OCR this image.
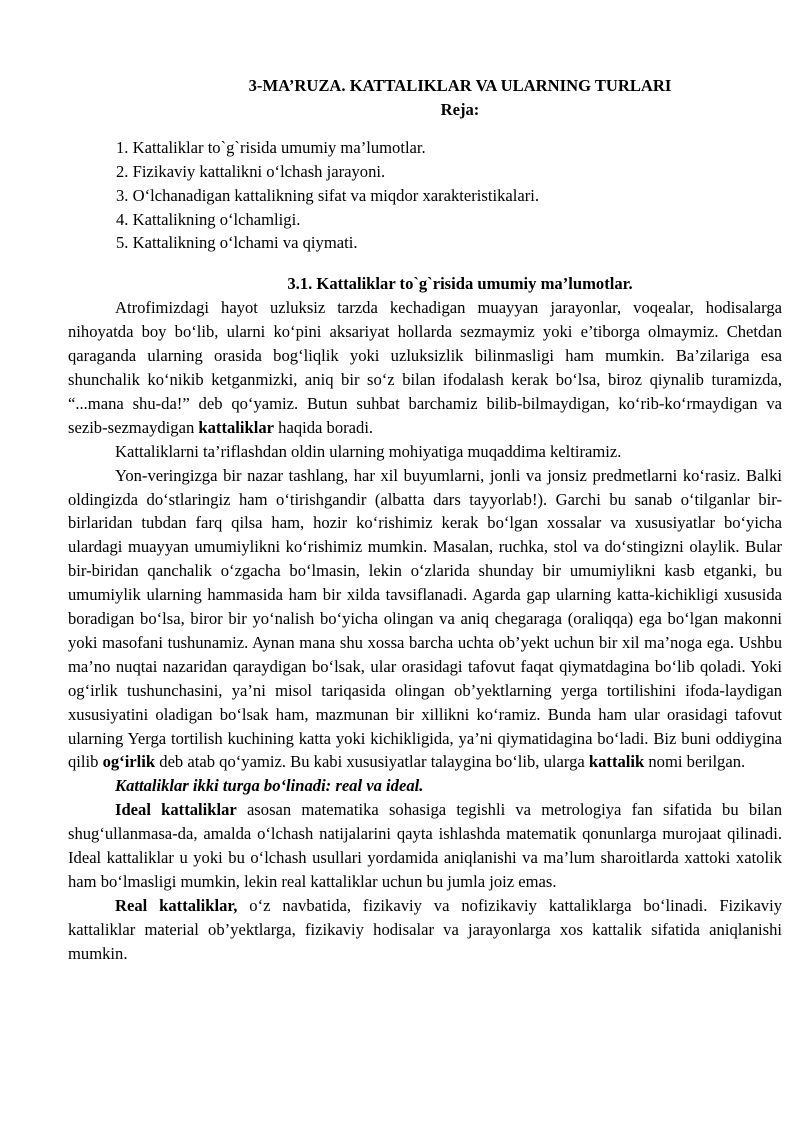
3-MA’RUZA. KATTALIKLAR VA ULARNING TURLARI
Reja:
1. Kattaliklar to`g`risida umumiy ma’lumotlar.
2. Fizikaviy kattalikni o‘lchash jarayoni.
3. O‘lchanadigan kattalikning sifat va miqdor xarakteristikalari.
4. Kattalikning o‘lchamligi.
5. Kattalikning o‘lchami va qiymati.
3.1. Kattaliklar to`g`risida umumiy ma’lumotlar.

Atrofimizdagi hayot uzluksiz tarzda kechadigan muayyan jarayonlar, voqealar, hodisalarga nihoyatda boy bo‘lib, ularni ko‘pini aksariyat hollarda sezmaymiz yoki e’tiborga olmaymiz. Chetdan qaraganda ularning orasida bog‘liqlik yoki uzluksizlik bilinmasligi ham mumkin. Ba’zilariga esa shunchalik ko‘nikib ketganmizki, aniq bir so‘z bilan ifodalash kerak bo‘lsa, biroz qiynalib turamizda, “...mana shu-da!” deb qo‘yamiz. Butun suhbat barchamiz bilib-bilmaydigan, ko‘rib-ko‘rmaydigan va sezib-sezmaydigan kattaliklar haqida boradi.

Kattaliklarni ta’riflashdan oldin ularning mohiyatiga muqaddima keltiramiz.

Yon-veringizga bir nazar tashlang, har xil buyumlarni, jonli va jonsiz predmetlarni ko‘rasiz. Balki oldingizda do‘stlaringiz ham o‘tirishgandir (albatta dars tayyorlab!). Garchi bu sanab o‘tilganlar bir-birlaridan tubdan farq qilsa ham, hozir ko‘rishimiz kerak bo‘lgan xossalar va xususiyatlar bo‘yicha ulardagi muayyan umumiylikni ko‘rishimiz mumkin. Masalan, ruchka, stol va do‘stingizni olaylik. Bular bir-biridan qanchalik o‘zgacha bo‘lmasin, lekin o‘zlarida shunday bir umumiylikni kasb etganki, bu umumiylik ularning hammasida ham bir xilda tavsiflanadi. Agarda gap ularning katta-kichikligi xususida boradigan bo‘lsa, biror bir yo‘nalish bo‘yicha olingan va aniq chegaraga (oraliqqa) ega bo‘lgan makonni yoki masofani tushunamiz. Aynan mana shu xossa barcha uchta ob’yekt uchun bir xil ma’noga ega. Ushbu ma’no nuqtai nazaridan qaraydigan bo‘lsak, ular orasidagi tafovut faqat qiymatdagina bo‘lib qoladi. Yoki og‘irlik tushunchasini, ya’ni misol tariqasida olingan ob’yektlarning yerga tortilishini ifoda-laydigan xususiyatini oladigan bo‘lsak ham, mazmunan bir xillikni ko‘ramiz. Bunda ham ular orasidagi tafovut ularning Yerga tortilish kuchining katta yoki kichikligida, ya’ni qiymatidagina bo‘ladi. Biz buni oddiygina qilib og‘irlik deb atab qo‘yamiz. Bu kabi xususiyatlar talaygina bo‘lib, ularga kattalik nomi berilgan.

Kattaliklar ikki turga bo‘linadi: real va ideal.

Ideal kattaliklar asosan matematika sohasiga tegishli va metrologiya fan sifatida bu bilan shug‘ullanmasa-da, amalda o‘lchash natijalarini qayta ishlashda matematik qonunlarga murojaat qilinadi. Ideal kattaliklar u yoki bu o‘lchash usullari yordamida aniqlanishi va ma’lum sharoitlarda xattoki xatolik ham bo‘lmasligi mumkin, lekin real kattaliklar uchun bu jumla joiz emas.

Real kattaliklar, o‘z navbatida, fizikaviy va nofizikaviy kattaliklarga bo‘linadi. Fizikaviy kattaliklar material ob’yektlarga, fizikaviy hodisalar va jarayonlarga xos kattalik sifatida aniqlanishi mumkin.
